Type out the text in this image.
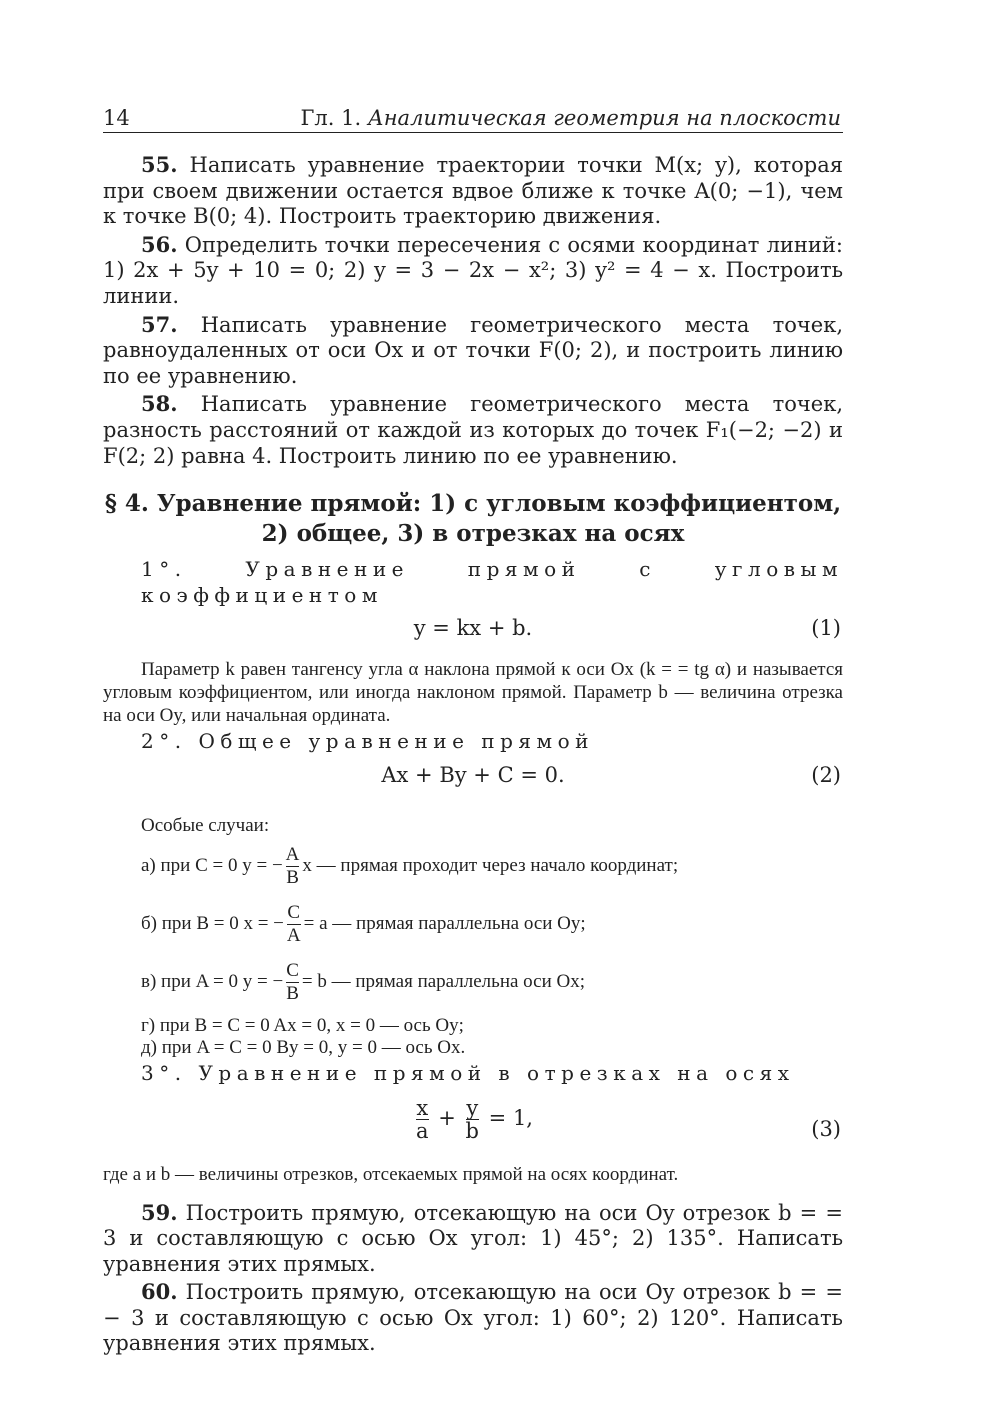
14	Гл. 1. Аналитическая геометрия на плоскости

55. Написать уравнение траектории точки M(x; y), которая при своем движении остается вдвое ближе к точке A(0; −1), чем к точке B(0; 4). Построить траекторию движения.

56. Определить точки пересечения с осями координат линий: 1) 2x + 5y + 10 = 0; 2) y = 3 − 2x − x²; 3) y² = 4 − x. Построить линии.

57. Написать уравнение геометрического места точек, равноудаленных от оси Ox и от точки F(0; 2), и построить линию по ее уравнению.

58. Написать уравнение геометрического места точек, разность расстояний от каждой из которых до точек F₁(−2; −2) и F(2; 2) равна 4. Построить линию по ее уравнению.

§ 4. Уравнение прямой: 1) с угловым коэффициентом,
2) общее, 3) в отрезках на осях
1°. Уравнение прямой с угловым коэффициентом
y = kx + b.	(1)

Параметр k равен тангенсу угла α наклона прямой к оси Ox (k = = tg α) и называется угловым коэффициентом, или иногда наклоном прямой. Параметр b — величина отрезка на оси Oy, или начальная ордината.

2°. Общее уравнение прямой
Ax + By + C = 0.	(2)
Особые случаи:
а) при C = 0 y = − $\frac{A}{B}$ x — прямая проходит через начало координат;
б) при B = 0 x = − $\frac{C}{A} = a$ — прямая параллельна оси Oy;
в) при A = 0 y = − $\frac{C}{B} = b$ — прямая параллельна оси Ox;
г) при B = C = 0 Ax = 0, x = 0 — ось Oy;
д) при A = C = 0 By = 0, y = 0 — ось Ox.
3°. Уравнение прямой в отрезках на осях
$\frac{x}{a} + \frac{y}{b} = 1$,	(3)

где a и b — величины отрезков, отсекаемых прямой на осях координат.

59. Построить прямую, отсекающую на оси Oy отрезок b = = 3 и составляющую с осью Ox угол: 1) 45°; 2) 135°. Написать уравнения этих прямых.

60. Построить прямую, отсекающую на оси Oy отрезок b = = − 3 и составляющую с осью Ox угол: 1) 60°; 2) 120°. Написать уравнения этих прямых.
